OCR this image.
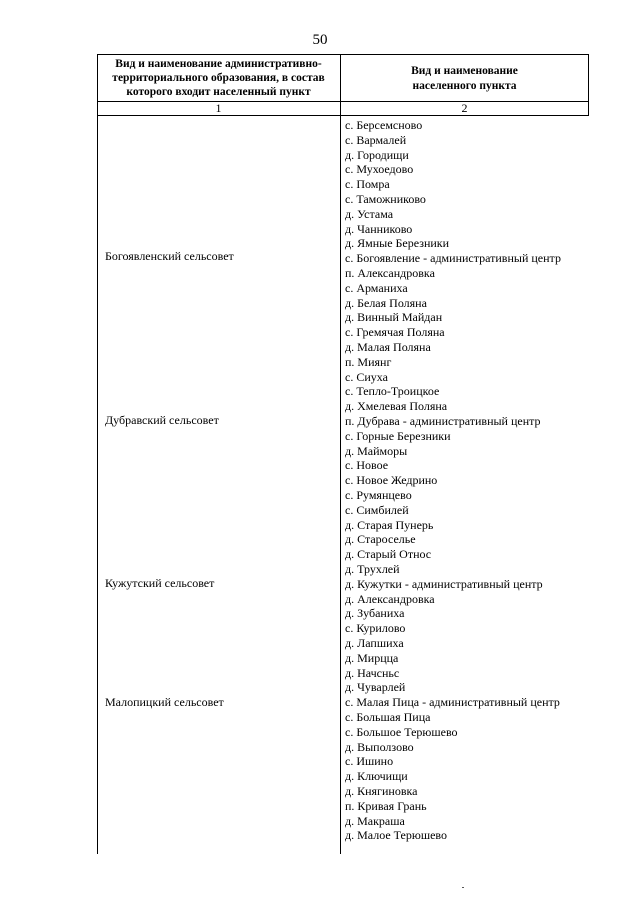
50
Вид и наименование административно-
территориального образования, в состав
которого входит населенный пункт
Вид и наименование
населенного пункта
1	2
Богоявленский сельсовет
Дубравский сельсовет
Кужутский сельсовет
Малопицкий сельсовет
с. Берсемсново
с. Вармалей
д. Городищи
с. Мухоедово
с. Помра
с. Таможниково
д. Устама
д. Чанниково
д. Ямные Березники
с. Богоявление - административный центр
п. Александровка
с. Арманиха
д. Белая Поляна
д. Винный Майдан
с. Гремячая Поляна
д. Малая Поляна
п. Миянг
с. Сиуха
с. Тепло-Троицкое
д. Хмелевая Поляна
п. Дубрава - административный центр
с. Горные Березники
д. Майморы
с. Новое
с. Новое Жедрино
с. Румянцево
с. Симбилей
д. Старая Пунерь
д. Староселье
д. Старый Относ
д. Трухлей
д. Кужутки - административный центр
д. Александровка
д. Зубаниха
с. Курилово
д. Лапшиха
д. Мирцца
д. Начсньс
д. Чуварлей
с. Малая Пица - административный центр
с. Большая Пица
с. Большое Терюшево
д. Выползово
с. Ишино
д. Ключищи
д. Княгиновка
п. Кривая Грань
д. Макраша
д. Малое Терюшево
